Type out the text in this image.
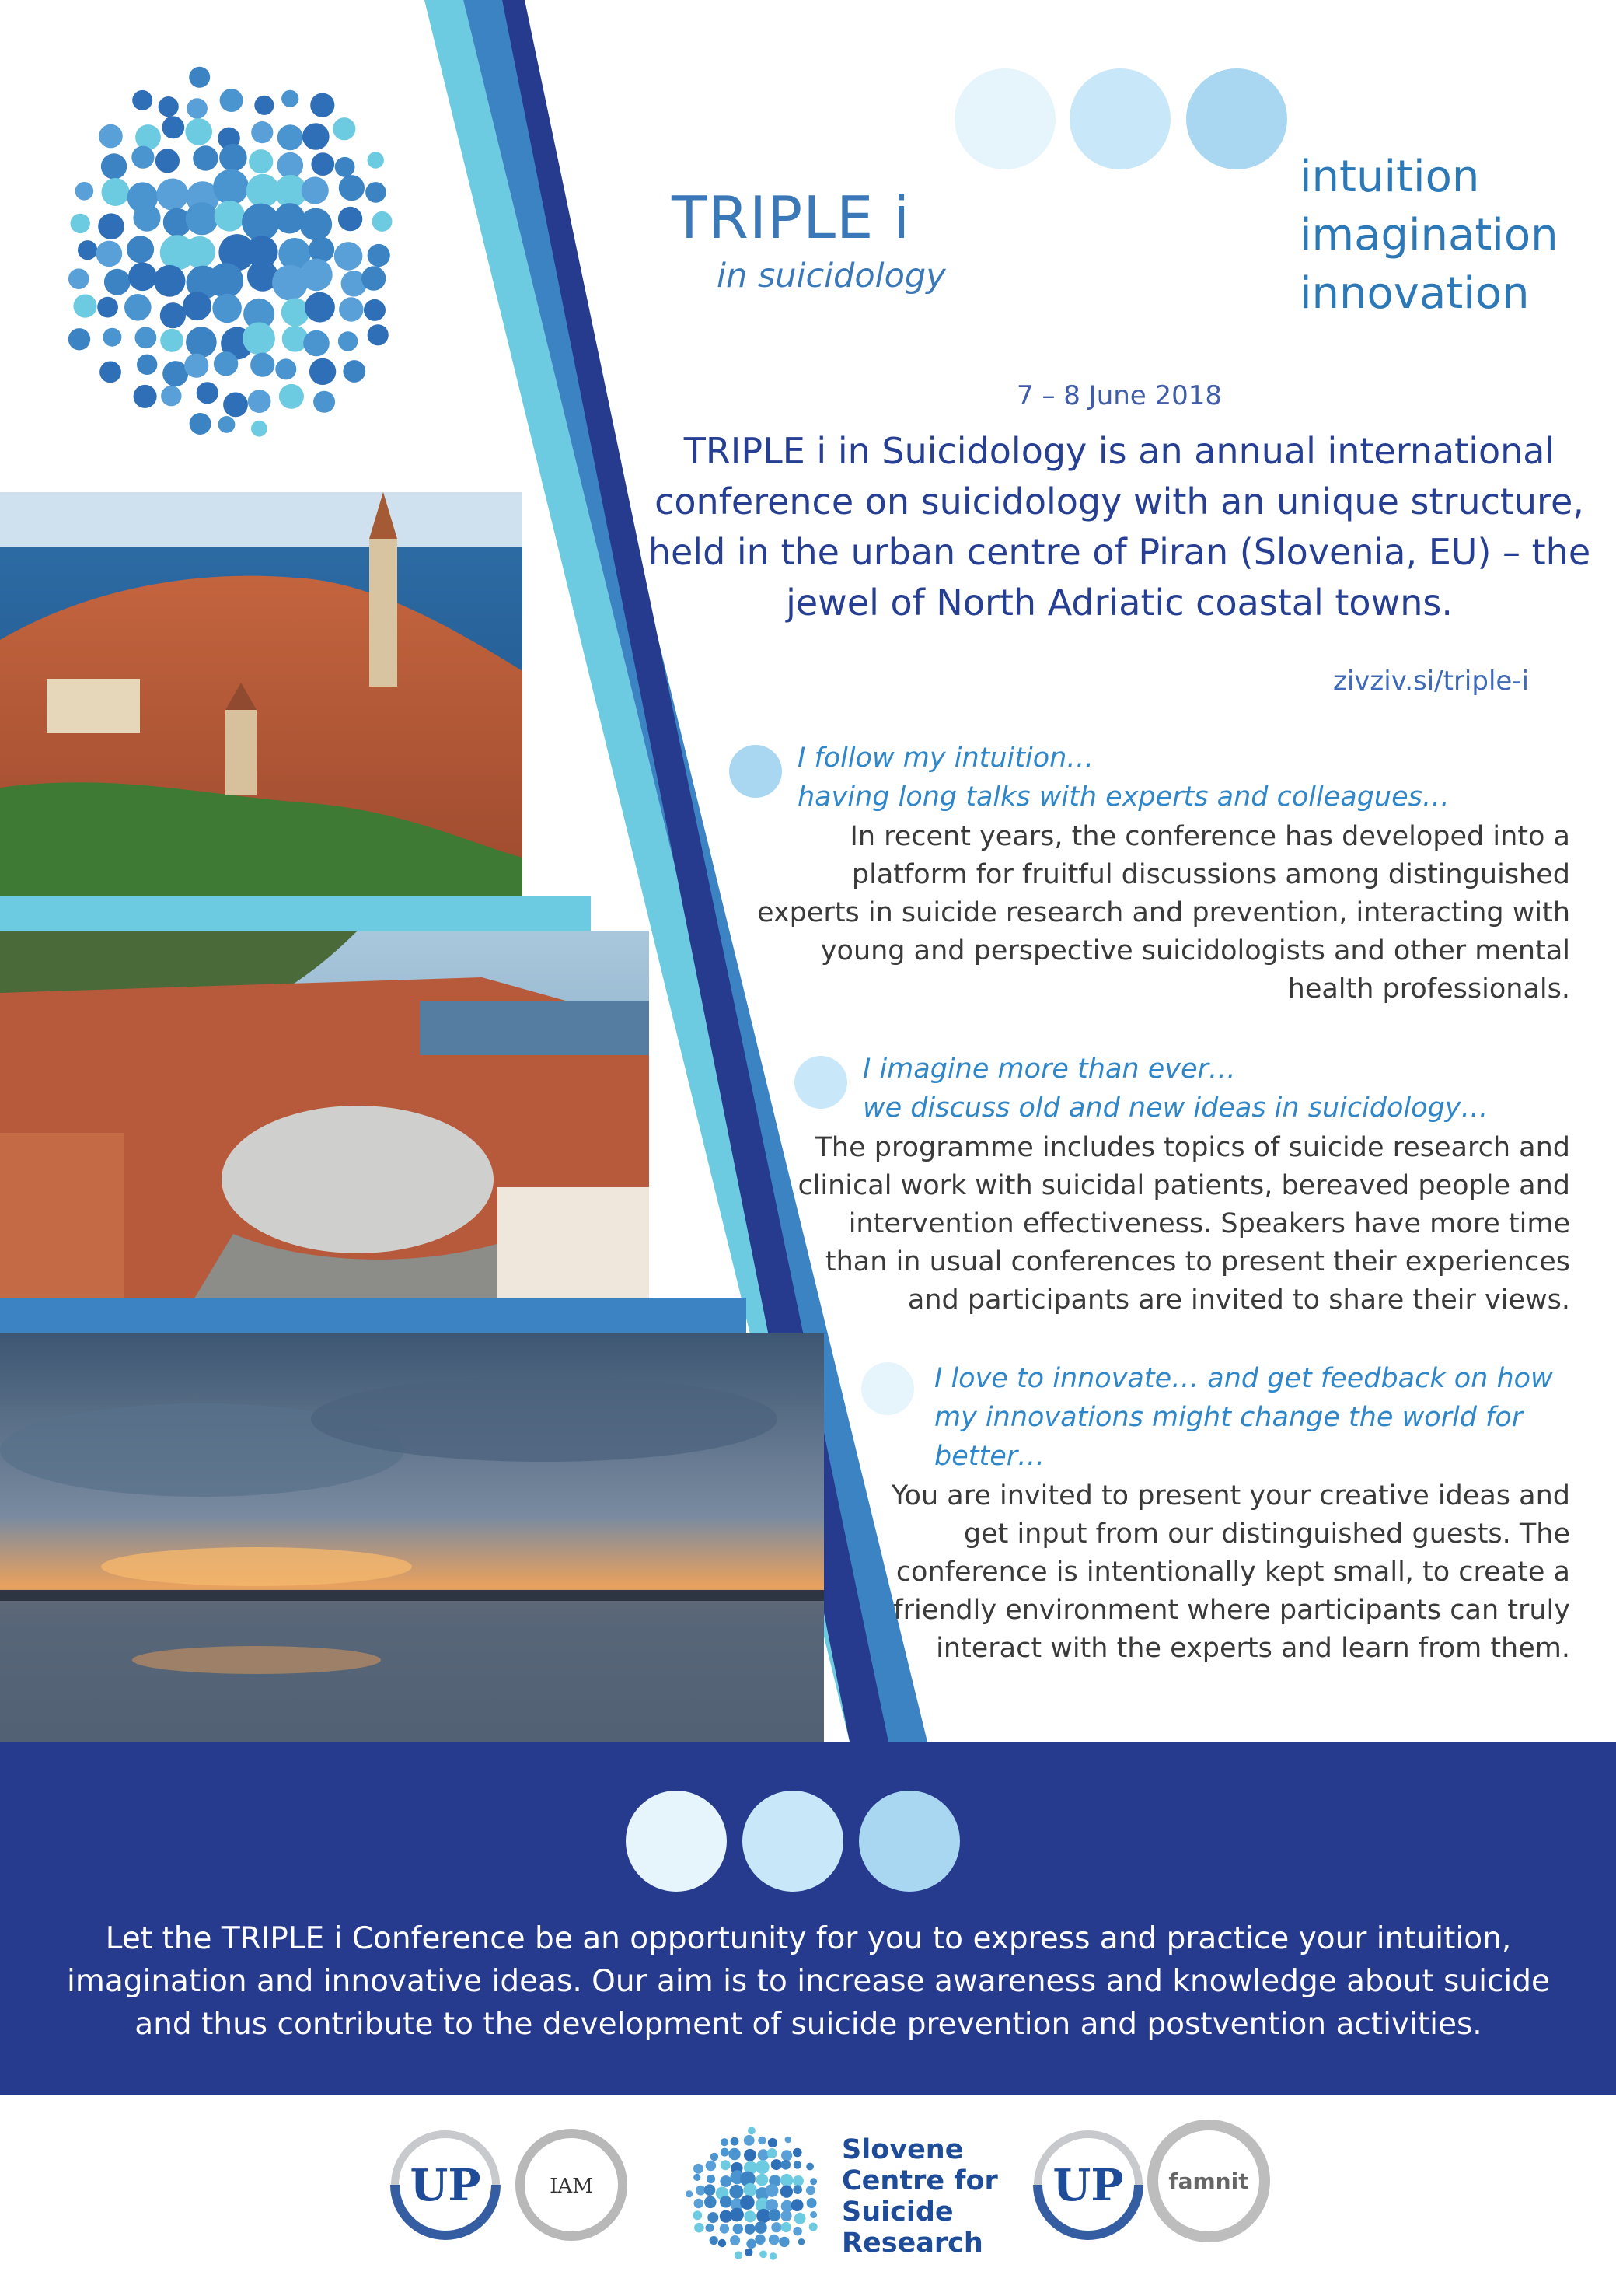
TRIPLE i

in suicidology

intuition

imagination

innovation

7 – 8 June 2018

TRIPLE i in Suicidology is an annual international conference on suicidology with an unique structure, held in the urban centre of Piran (Slovenia, EU) – the jewel of North Adriatic coastal towns.

zivziv.si/triple-i

I follow my intuition…
having long talks with experts and colleagues…

In recent years, the conference has developed into a platform for fruitful discussions among distinguished experts in suicide research and prevention, interacting with young and perspective suicidologists and other mental health professionals.

I imagine more than ever…
we discuss old and new ideas in suicidology…

The programme includes topics of suicide research and clinical work with suicidal patients, bereaved people and intervention effectiveness. Speakers have more time than in usual conferences to present their experiences and participants are invited to share their views.

I love to innovate… and get feedback on how
my innovations might change the world for
better…

You are invited to present your creative ideas and get input from our distinguished guests. The conference is intentionally kept small, to create a friendly environment where participants can truly interact with the experts and learn from them.

Let the TRIPLE i Conference be an opportunity for you to express and practice your intuition, imagination and innovative ideas. Our aim is to increase awareness and knowledge about suicide and thus contribute to the development of suicide prevention and postvention activities.

UP	IAM
Slovene
Centre for
Suicide
Research
UP famnit
